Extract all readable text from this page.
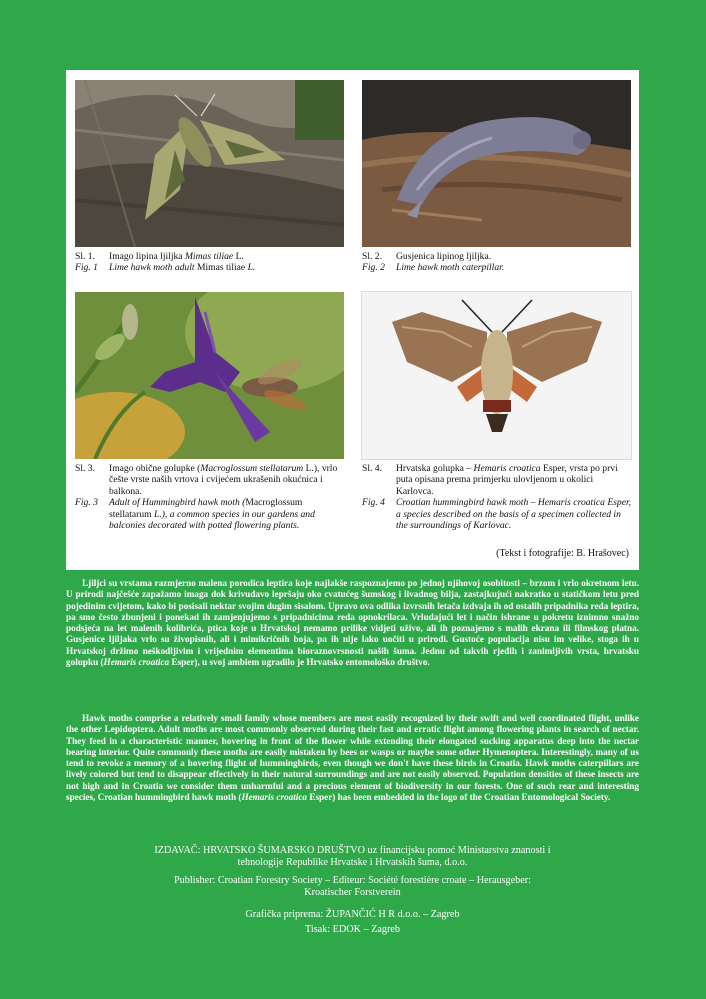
Sl. 1.	Imago lipina ljiljka Mimas tiliae L.
Fig. 1	Lime hawk moth adult Mimas tiliae L.
Sl. 2.	Gusjenica lipinog ljiljka.
Fig. 2	Lime hawk moth caterpillar.
Sl. 3.	Imago obične golupke (Macroglossum stellatarum L.), vrlo češte vrste naših vrtova i cvijećem ukrašenih okućnica i balkona.
Fig. 3	Adult of Hummingbird hawk moth (Macroglossum stellatarum L.), a common species in our gardens and balconies decorated with potted flowering plants.
Sl. 4.	Hrvatska golupka – Hemaris croatica Esper, vrsta po prvi puta opisana prema primjerku ulovljenom u okolici Karlovca.
Fig. 4	Croatian hummingbird hawk moth – Hemaris croatica Esper, a species described on the basis of a specimen collected in the surroundings of Karlovac.
(Tekst i fotografije: B. Hrašovec)

Ljiljci su vrstama razmjerno malena porodica leptira koje najlakše raspoznajemo po jednoj njihovoj osobitosti – brzom i vrlo okretnom letu. U prirodi najčešće zapažamo imaga dok krivudavo lepršaju oko cvatućeg šumskog i livadnog bilja, zastajkujući nakratko u statičkom letu pred pojedinim cvijetom, kako bi posisali nektar svojim dugim sisalom. Upravo ova odlika izvrsnih letača izdvaja ih od ostalih pripadnika reda leptira, pa smo često zbunjeni i ponekad ih zamjenjujemo s pripadnicima reda opnokrilaca. Vrludajući let i način ishrane u pokretu iznimno snažno podsjeća na let malenih kolibrića, ptica koje u Hrvatskoj nemamo prilike vidjeti uživo, ali ih poznajemo s malih ekrana ili filmskog platna. Gusjenice ljiljaka vrlo su živopisnih, ali i mimikričnih boja, pa ih nije lako uočiti u prirodi. Gustoće populacija nisu im velike, stoga ih u Hrvatskoj držimo neškodljivim i vrijednim elementima bioraznovrsnosti naših šuma. Jednu od takvih rjeđih i zanimljivih vrsta, hrvatsku golupku (Hemaris croatica Esper), u svoj ambiem ugradilo je Hrvatsko entomološko društvo.

Hawk moths comprise a relatively small family whose members are most easily recognized by their swift and well coordinated flight, unlike the other Lepidoptera. Adult moths are most commonly observed during their fast and erratic flight among flowering plants in search of nectar. They feed in a characteristic manner, hovering in front of the flower while extending their elongated sucking apparatus deep into the nectar bearing interior. Quite commonly these moths are easily mistaken by bees or wasps or maybe some other Hymenoptera. Interestingly, many of us tend to revoke a memory of a hovering flight of hummingbirds, even though we don't have these birds in Croatia. Hawk moths caterpillars are lively colored but tend to disappear effectively in their natural surroundings and are not easily observed. Population densities of these insects are not high and in Croatia we consider them unharmful and a precious element of biodiversity in our forests. One of such rear and interesting species, Croatian hummingbird hawk moth (Hemaris croatica Esper) has been embedded in the logo of the Croatian Entomological Society.

IZDAVAČ: HRVATSKO ŠUMARSKO DRUŠTVO uz financijsku pomoć Ministarstva znanosti i tehnologije Republike Hrvatske i Hrvatskih šuma, d.o.o.
Publisher: Croatian Forestry Society – Editeur: Société forestière croate – Herausgeber: Kroatischer Forstverein
Grafička priprema: ŽUPANČIĆ H R d.o.o. – Zagreb
Tisak: EDOK – Zagreb
